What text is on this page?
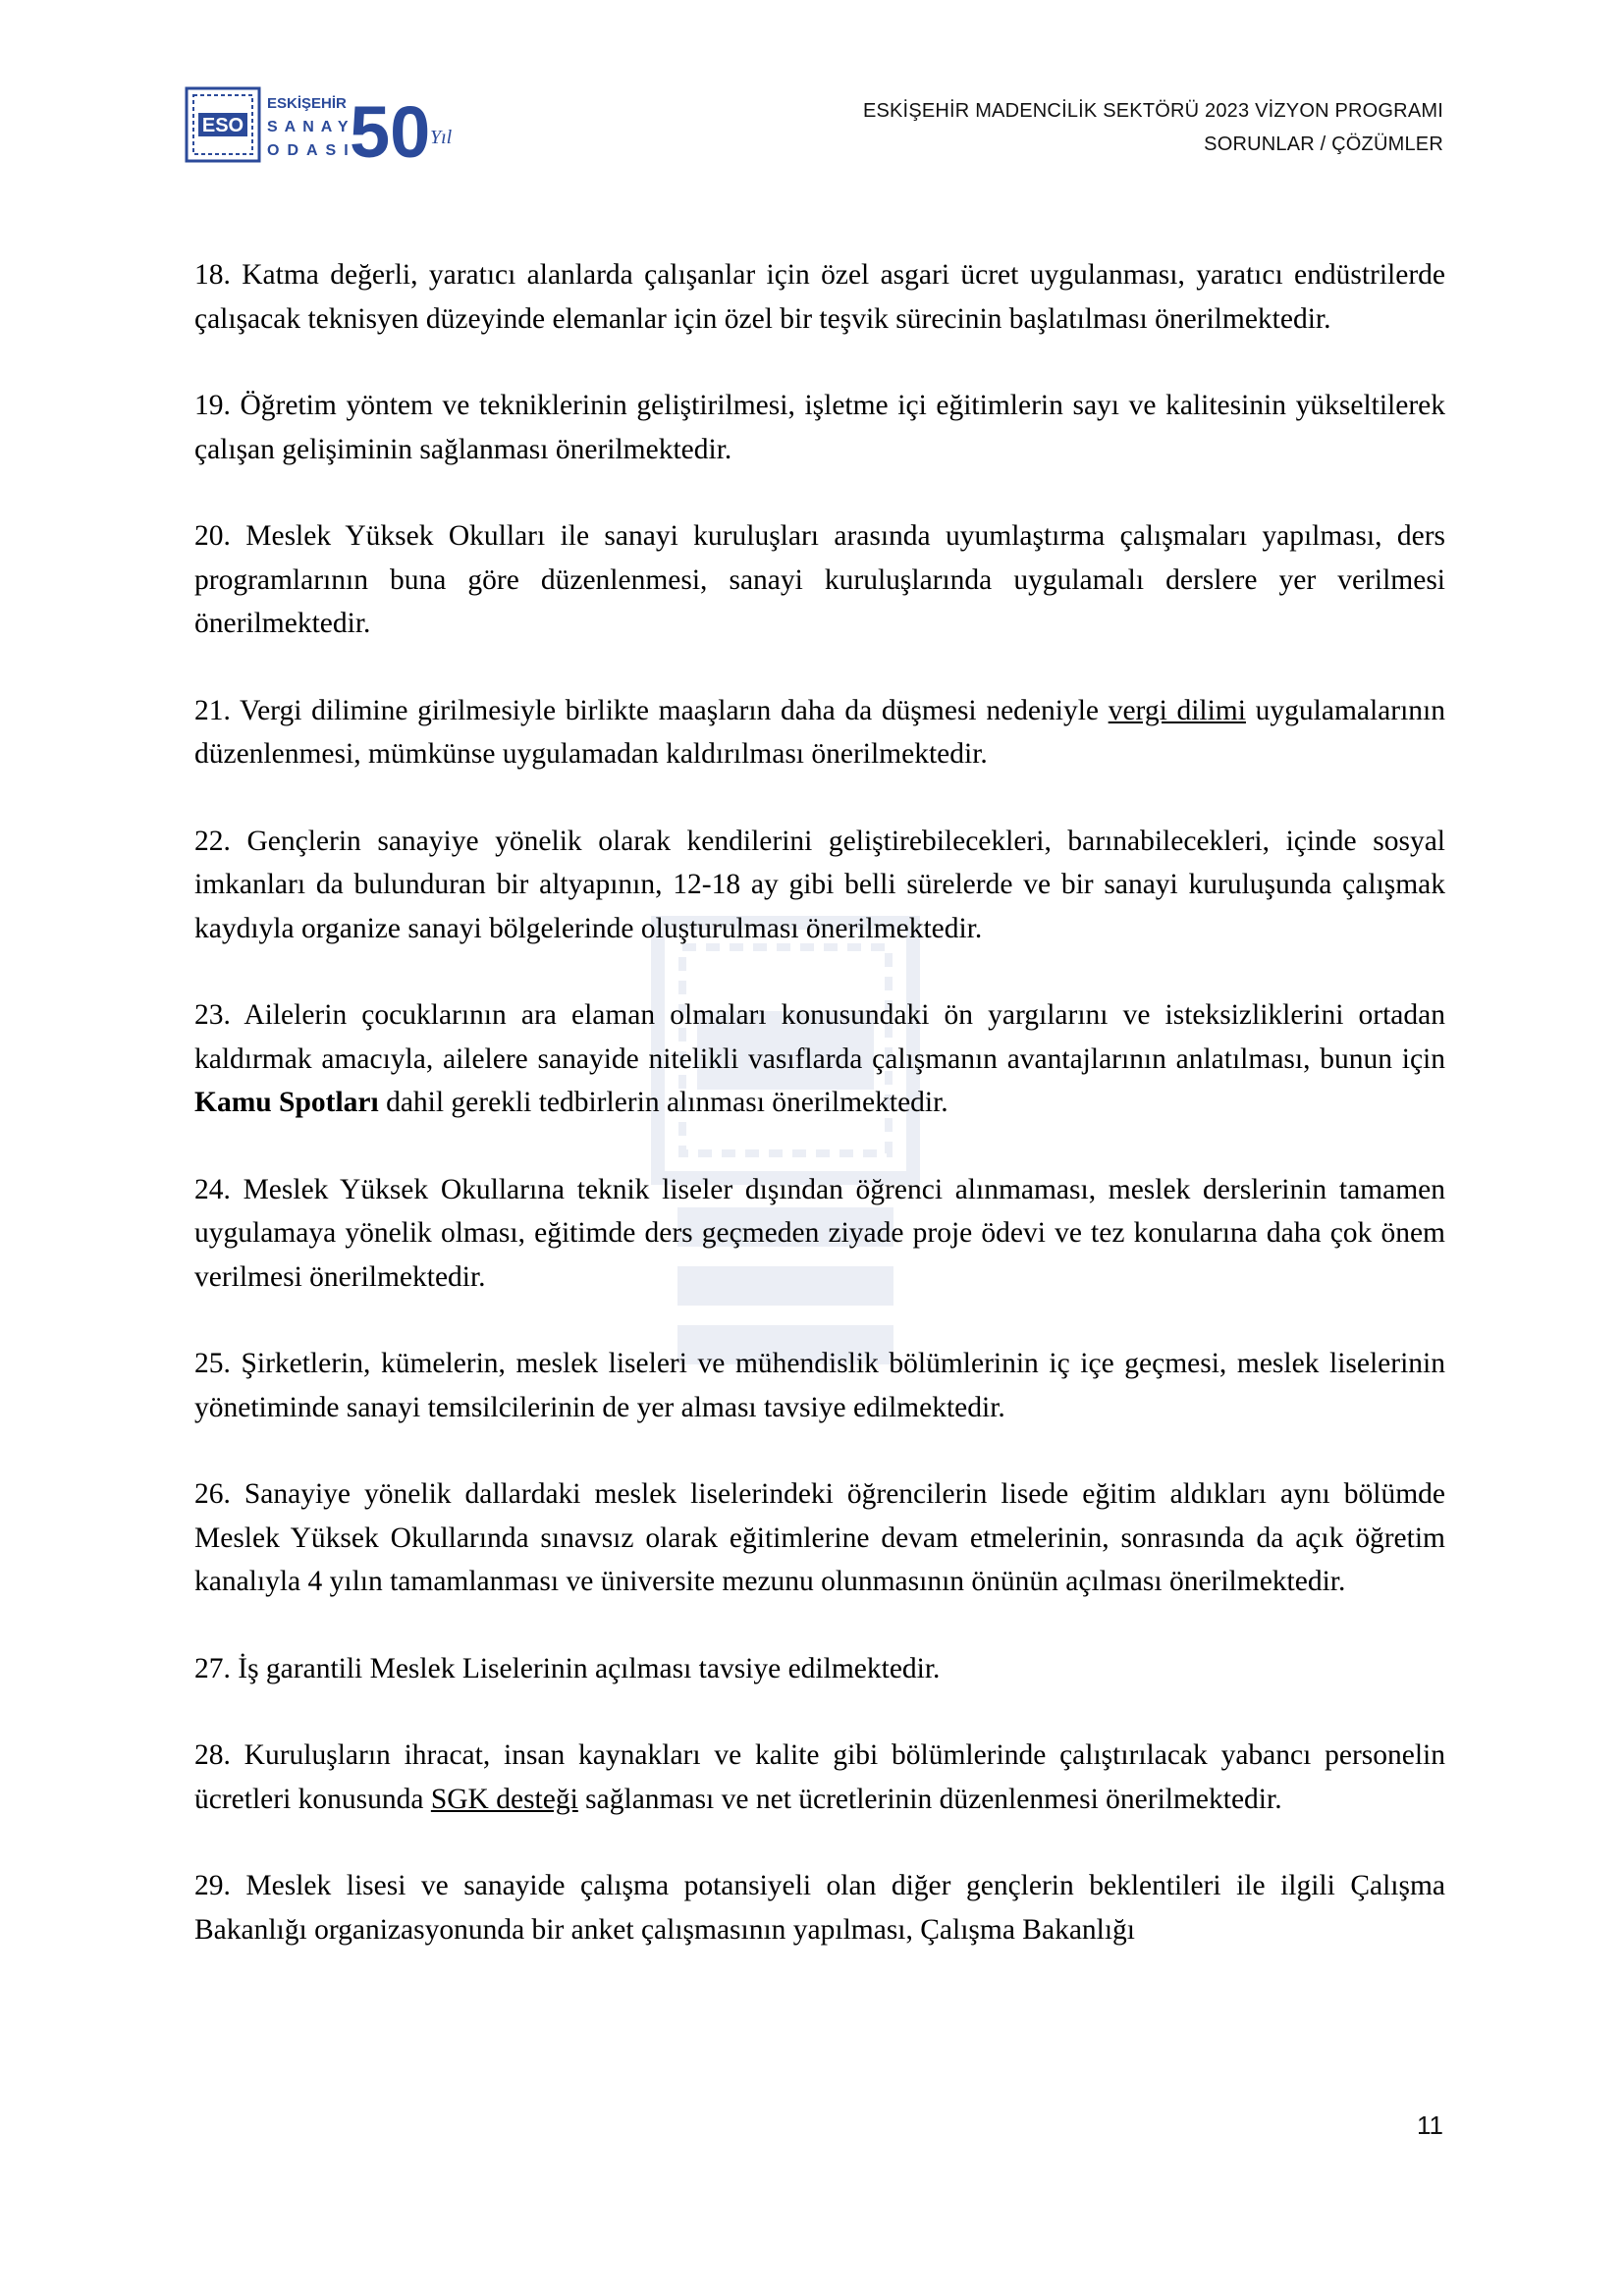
ESO
ESKİŞEHİR
SANAYİ
ODASI
50 Yıl
ESKİŞEHİR MADENCİLİK SEKTÖRÜ 2023 VİZYON PROGRAMI
SORUNLAR / ÇÖZÜMLER

18. Katma değerli, yaratıcı alanlarda çalışanlar için özel asgari ücret uygulanması, yaratıcı endüstrilerde çalışacak teknisyen düzeyinde elemanlar için özel bir teşvik sürecinin başlatılması önerilmektedir.

19. Öğretim yöntem ve tekniklerinin geliştirilmesi, işletme içi eğitimlerin sayı ve kalitesinin yükseltilerek çalışan gelişiminin sağlanması önerilmektedir.

20. Meslek Yüksek Okulları ile sanayi kuruluşları arasında uyumlaştırma çalışmaları yapılması, ders programlarının buna göre düzenlenmesi, sanayi kuruluşlarında uygulamalı derslere yer verilmesi önerilmektedir.

21. Vergi dilimine girilmesiyle birlikte maaşların daha da düşmesi nedeniyle vergi dilimi uygulamalarının düzenlenmesi, mümkünse uygulamadan kaldırılması önerilmektedir.

22. Gençlerin sanayiye yönelik olarak kendilerini geliştirebilecekleri, barınabilecekleri, içinde sosyal imkanları da bulunduran bir altyapının, 12-18 ay gibi belli sürelerde ve bir sanayi kuruluşunda çalışmak kaydıyla organize sanayi bölgelerinde oluşturulması önerilmektedir.

23. Ailelerin çocuklarının ara elaman olmaları konusundaki ön yargılarını ve isteksizliklerini ortadan kaldırmak amacıyla, ailelere sanayide nitelikli vasıflarda çalışmanın avantajlarının anlatılması, bunun için Kamu Spotları dahil gerekli tedbirlerin alınması önerilmektedir.

24. Meslek Yüksek Okullarına teknik liseler dışından öğrenci alınmaması, meslek derslerinin tamamen uygulamaya yönelik olması, eğitimde ders geçmeden ziyade proje ödevi ve tez konularına daha çok önem verilmesi önerilmektedir.

25. Şirketlerin, kümelerin, meslek liseleri ve mühendislik bölümlerinin iç içe geçmesi, meslek liselerinin yönetiminde sanayi temsilcilerinin de yer alması tavsiye edilmektedir.

26. Sanayiye yönelik dallardaki meslek liselerindeki öğrencilerin lisede eğitim aldıkları aynı bölümde Meslek Yüksek Okullarında sınavsız olarak eğitimlerine devam etmelerinin, sonrasında da açık öğretim kanalıyla 4 yılın tamamlanması ve üniversite mezunu olunmasının önünün açılması önerilmektedir.

27. İş garantili Meslek Liselerinin açılması tavsiye edilmektedir.

28. Kuruluşların ihracat, insan kaynakları ve kalite gibi bölümlerinde çalıştırılacak yabancı personelin ücretleri konusunda SGK desteği sağlanması ve net ücretlerinin düzenlenmesi önerilmektedir.

29. Meslek lisesi ve sanayide çalışma potansiyeli olan diğer gençlerin beklentileri ile ilgili Çalışma Bakanlığı organizasyonunda bir anket çalışmasının yapılması, Çalışma Bakanlığı

11
